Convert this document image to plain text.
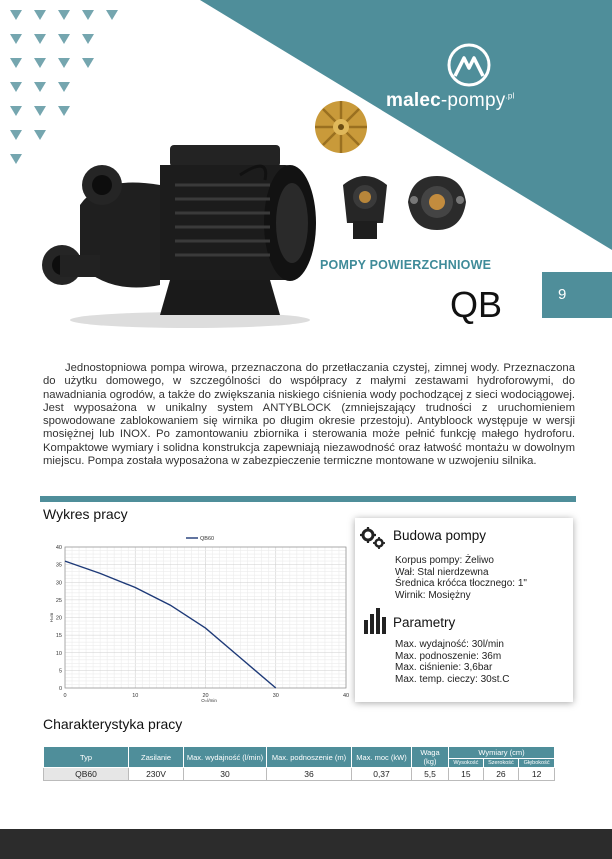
malec-pompy$^{.pl}$
POMPY POWIERZCHNIOWE
QB	9

Jednostopniowa pompa wirowa, przeznaczona do przetłaczania czystej, zimnej wody. Przeznaczona do użytku domowego, w szczególności do współpracy z małymi zestawami hydroforowymi, do nawadniania ogrodów, a także do zwiększania niskiego ciśnienia wody pochodzącej z sieci wodociągowej. Jest wyposażona w unikalny system ANTYBLOCK (zmniejszający trudności z uruchomieniem spowodowane zablokowaniem się wirnika po długim okresie przestoju). Antybloock występuje w wersji mosiężnej lub INOX. Po zamontowaniu zbiornika i sterowania może pełnić funkcję małego hydroforu. Kompaktowe wymiary i solidna konstrukcja zapewniają niezawodność oraz łatwość montażu w dowolnym miejscu. Pompa została wyposażona w zabezpieczenie termiczne montowane w uzwojeniu silnika.

Wykres pracy
0	10	20	30	40
0
5
10
15
20
25
30
35
40
Q=l/min
H=m
QB60	Budowa pompy
Korpus pompy: Żeliwo
Wał: Stal nierdzewna
Średnica króćca tłocznego: 1"
Wirnik: Mosiężny
Parametry
Max. wydajność: 30l/min
Max. podnoszenie: 36m
Max. ciśnienie: 3,6bar
Max. temp. cieczy: 30st.C
Charakterystyka pracy
Typ	Zasilanie	Max. wydajność (l/min)	Max. podnoszenie (m)	Max. moc (kW)	Waga (kg)	Wymiary (cm)		
						Wysokość	Szerokość	Głębokość
QB60	230V	30	36	0,37	5,5	15	26	12
